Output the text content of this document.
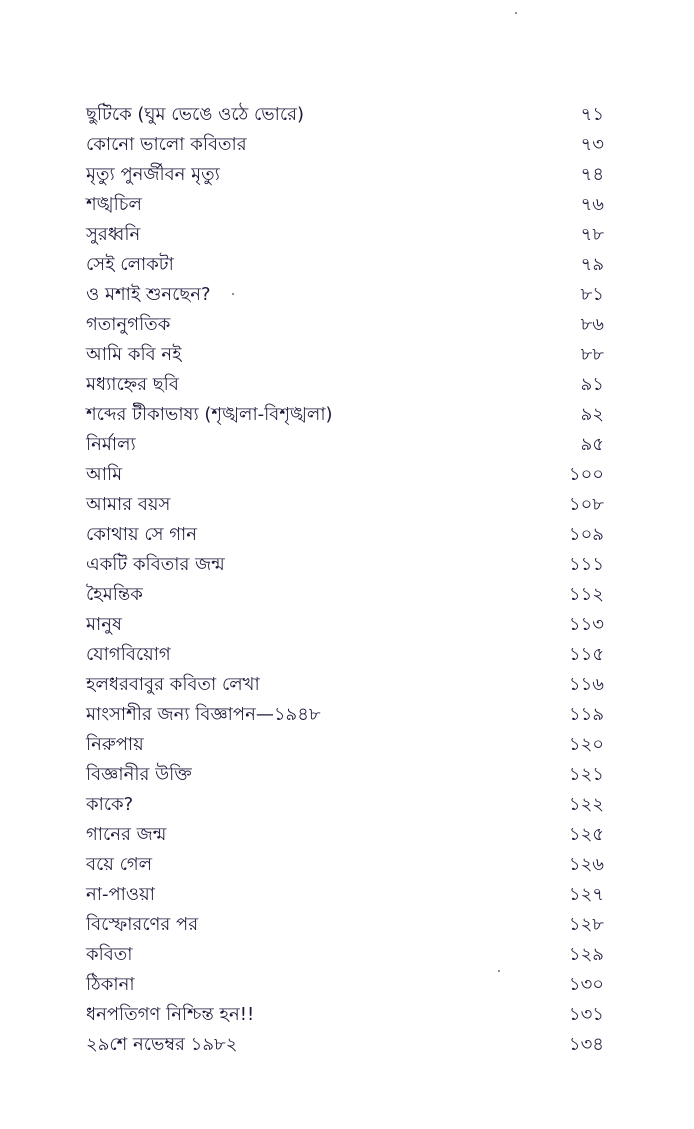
ছুটিকে (ঘুম ভেঙে ওঠে ভোরে)	৭১
কোনো ভালো কবিতার	৭৩
মৃত্যু পুনর্জীবন মৃত্যু	৭৪
শঙ্খচিল	৭৬
সুরধ্বনি	৭৮
সেই লোকটা	৭৯
ও মশাই শুনছেন?	৮১
গতানুগতিক	৮৬
আমি কবি নই	৮৮
মধ্যাহ্নের ছবি	৯১
শব্দের টীকাভাষ্য (শৃঙ্খলা-বিশৃঙ্খলা)	৯২
নির্মাল্য	৯৫
আমি	১০০
আমার বয়স	১০৮
কোথায় সে গান	১০৯
একটি কবিতার জন্ম	১১১
হৈমন্তিক	১১২
মানুষ	১১৩
যোগবিয়োগ	১১৫
হলধরবাবুর কবিতা লেখা	১১৬
মাংসাশীর জন্য বিজ্ঞাপন—১৯৪৮	১১৯
নিরুপায়	১২০
বিজ্ঞানীর উক্তি	১২১
কাকে?	১২২
গানের জন্ম	১২৫
বয়ে গেল	১২৬
না-পাওয়া	১২৭
বিস্ফোরণের পর	১২৮
কবিতা	১২৯
ঠিকানা	১৩০
ধনপতিগণ নিশ্চিন্ত হন!!	১৩১
২৯শে নভেম্বর ১৯৮২	১৩৪
